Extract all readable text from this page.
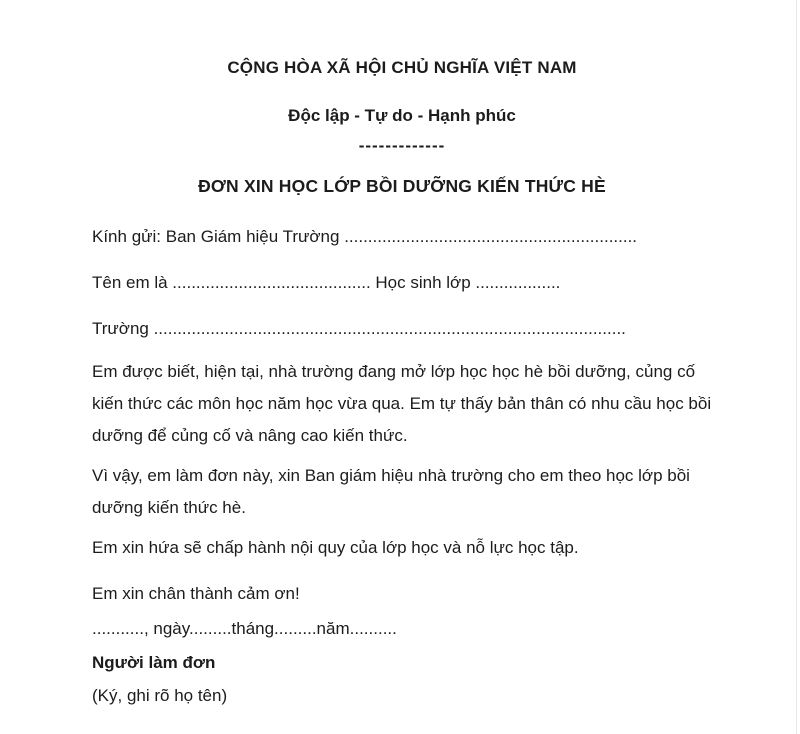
CỘNG HÒA XÃ HỘI CHỦ NGHĨA VIỆT NAM
Độc lập - Tự do - Hạnh phúc
-------------
ĐƠN XIN HỌC LỚP BỒI DƯỠNG KIẾN THỨC HÈ

Kính gửi: Ban Giám hiệu Trường ..............................................................

Tên em là .......................................... Học sinh lớp ..................

Trường ....................................................................................................

Em được biết, hiện tại, nhà trường đang mở lớp học học hè bồi dưỡng, củng cố kiến thức các môn học năm học vừa qua. Em tự thấy bản thân có nhu cầu học bồi dưỡng để củng cố và nâng cao kiến thức.

Vì vậy, em làm đơn này, xin Ban giám hiệu nhà trường cho em theo học lớp bồi dưỡng kiến thức hè.

Em xin hứa sẽ chấp hành nội quy của lớp học và nỗ lực học tập.

Em xin chân thành cảm ơn!

..........., ngày.........tháng.........năm..........

Người làm đơn

(Ký, ghi rõ họ tên)
